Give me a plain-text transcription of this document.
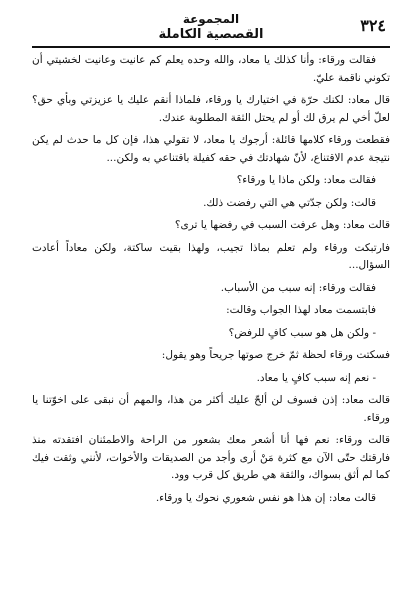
٣٢٤
المجموعة
القصصية الكاملة

فقالت ورقاء: وأنا كذلك يا معاد، والله وحده يعلم كم عانيت وعانيت لخشيتي أن تكوني ناقمة عليّ.

قال معاد: لكنك حرّة في اختيارك يا ورقاء، فلماذا أنقم عليك يا عزيزتي وبأي حق؟ لعلّ أخي لم يرق لك أو لم يحتل الثقة المطلوبة عندك.

فقطعت ورقاء كلامها قائلة: أرجوك يا معاد، لا تقولي هذا، فإن كل ما حدث لم يكن نتيجة عدم الاقتناع، لأنّ شهادتك في حقه كفيلة باقتناعي به ولكن...

فقالت معاد: ولكن ماذا يا ورقاء؟

قالت: ولكن جدّتي هي التي رفضت ذلك.

قالت معاد: وهل عرفت السبب في رفضها يا ترى؟

فارتبكت ورقاء ولم تعلم بماذا تجيب، ولهذا بقيت ساكتة، ولكن معاداً أعادت السؤال...

فقالت ورقاء: إنه سبب من الأسباب.

فابتسمت معاد لهذا الجواب وقالت:

- ولكن هل هو سبب كافٍ للرفض؟

فسكتت ورقاء لحظة ثمّ خرج صوتها جريحاً وهو يقول:

- نعم إنه سبب كافٍ يا معاد.

قالت معاد: إذن فسوف لن ألحّ عليك أكثر من هذا، والمهم أن نبقى على اخوّتنا يا ورقاء.

قالت ورقاء: نعم فها أنا أشعر معك بشعور من الراحة والاطمئنان افتقدته منذ فارقتك حتّى الآن مع كثرة مَنْ أرى وأجد من الصديقات والأخوات، لأنني وثقت فيك كما لم أثق بسواك، والثقة هي طريق كل قرب وود.

قالت معاد: إن هذا هو نفس شعوري نحوك يا ورقاء.
